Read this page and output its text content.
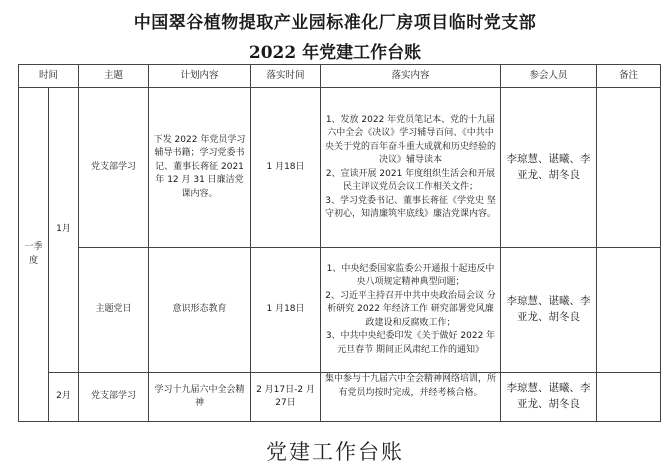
中国翠谷植物提取产业园标准化厂房项目临时党支部
2022 年党建工作台账
时间		主题	计划内容	落实时间	落实内容	参会人员	备注
一季度	1月	党支部学习	下发 2022 年党员学习辅导书籍；学习党委书记、董事长蒋征 2021 年 12 月 31 日廉洁党课内容。	1 月18日	1、发放 2022 年党员笔记本、党的十九届六中全会《决议》学习辅导百问、《中共中央关于党的百年奋斗重大成就和历史经验的决议》辅导读本
2、宣读开展 2021 年度组织生活会和开展民主评议党员会议工作相关文件；
3、学习党委书记、董事长蒋征《学党史 坚守初心，知清廉筑牢底线》廉洁党课内容。	李琼慧、谌曦、李亚龙、胡冬良	
		主题党日	意识形态教育	1 月18日	1、中央纪委国家监委公开通报十起违反中央八项规定精神典型问题；
2、习近平主持召开中共中央政治局会议 分析研究 2022 年经济工作 研究部署党风廉政建设和反腐败工作；
3、中共中央纪委印发《关于做好 2022 年元旦春节 期间正风肃纪工作的通知》	李琼慧、谌曦、李亚龙、胡冬良	
	2月	党支部学习	学习十九届六中全会精神	2 月17日-2 月27日	集中参与十九届六中全会精神网络培训，所有党员均按时完成，并经考核合格。	李琼慧、谌曦、李亚龙、胡冬良	
党建工作台账
